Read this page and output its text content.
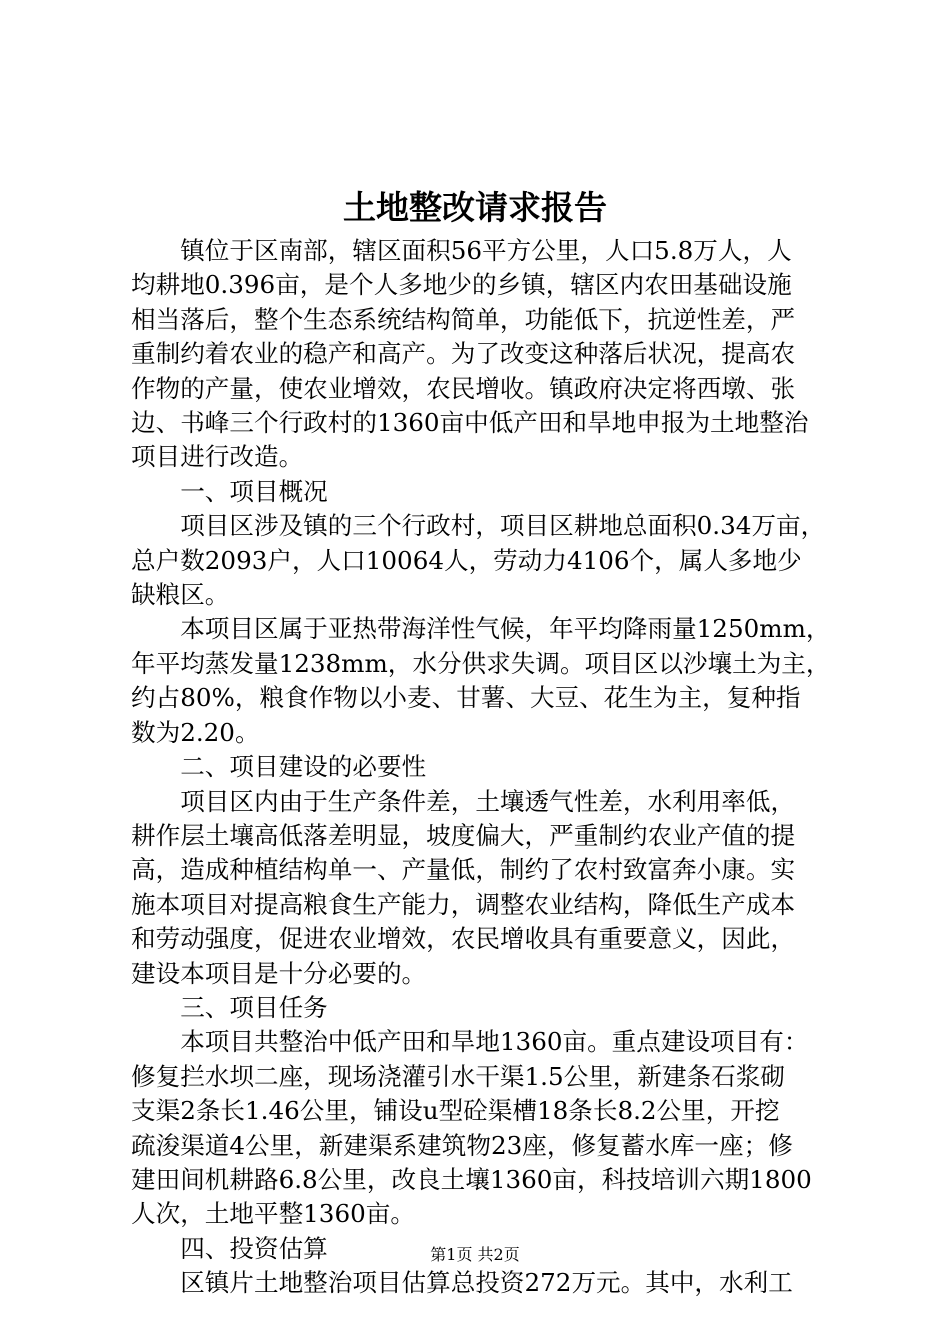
土地整改请求报告

镇位于区南部，辖区面积56平方公里，人口5.8万人，人
均耕地0.396亩，是个人多地少的乡镇，辖区内农田基础设施
相当落后，整个生态系统结构简单，功能低下，抗逆性差，严
重制约着农业的稳产和高产。为了改变这种落后状况，提高农
作物的产量，使农业增效，农民增收。镇政府决定将西墩、张
边、书峰三个行政村的1360亩中低产田和旱地申报为土地整治
项目进行改造。

一、项目概况

项目区涉及镇的三个行政村，项目区耕地总面积0.34万亩，
总户数2093户，人口10064人，劳动力4106个，属人多地少
缺粮区。

本项目区属于亚热带海洋性气候，年平均降雨量1250mm，
年平均蒸发量1238mm，水分供求失调。项目区以沙壤土为主，
约占80%，粮食作物以小麦、甘薯、大豆、花生为主，复种指
数为2.20。

二、项目建设的必要性

项目区内由于生产条件差，土壤透气性差，水利用率低，
耕作层土壤高低落差明显，坡度偏大，严重制约农业产值的提
高，造成种植结构单一、产量低，制约了农村致富奔小康。实
施本项目对提高粮食生产能力，调整农业结构，降低生产成本
和劳动强度，促进农业增效，农民增收具有重要意义，因此，
建设本项目是十分必要的。

三、项目任务

本项目共整治中低产田和旱地1360亩。重点建设项目有：
修复拦水坝二座，现场浇灌引水干渠1.5公里，新建条石浆砌
支渠2条长1.46公里，铺设u型砼渠槽18条长8.2公里，开挖
疏浚渠道4公里，新建渠系建筑物23座，修复蓄水库一座；修
建田间机耕路6.8公里，改良土壤1360亩，科技培训六期1800
人次，土地平整1360亩。

四、投资估算

区镇片土地整治项目估算总投资272万元。其中，水利工

第1页 共2页
